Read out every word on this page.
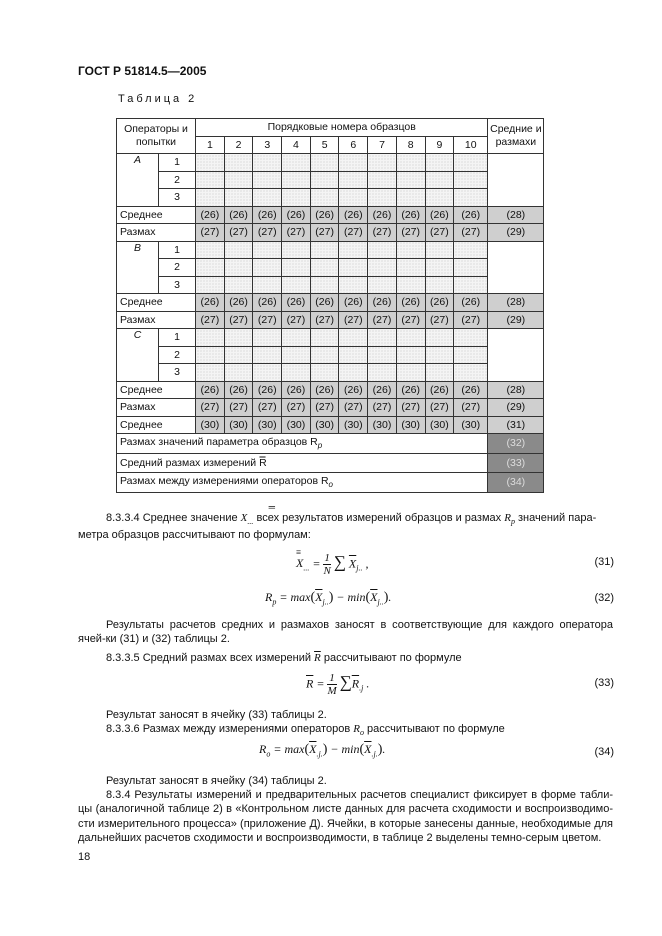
ГОСТ Р 51814.5—2005
Таблица 2
Операторы и попытки		Порядковые номера образцов										Средние и размахи
		1	2	3	4	5	6	7	8	9	10	
A	1											
	2											
	3											
Среднее		(26)	(26)	(26)	(26)	(26)	(26)	(26)	(26)	(26)	(26)	(28)
Размах		(27)	(27)	(27)	(27)	(27)	(27)	(27)	(27)	(27)	(27)	(29)
B	1											
	2											
	3											
Среднее		(26)	(26)	(26)	(26)	(26)	(26)	(26)	(26)	(26)	(26)	(28)
Размах		(27)	(27)	(27)	(27)	(27)	(27)	(27)	(27)	(27)	(27)	(29)
C	1											
	2											
	3											
Среднее		(26)	(26)	(26)	(26)	(26)	(26)	(26)	(26)	(26)	(26)	(28)
Размах		(27)	(27)	(27)	(27)	(27)	(27)	(27)	(27)	(27)	(27)	(29)
Среднее		(30)	(30)	(30)	(30)	(30)	(30)	(30)	(30)	(30)	(30)	(31)
Размах значений параметра образцов $R_p$												(32)
Средний размах измерений R̿												(33)
Размах между измерениями операторов $R_o$												(34)
8.3.3.4 Среднее значение
═
$X_{...}$ всех результатов измерений образцов и размах $R_p$ значений пара-
метра образцов рассчитывают по формулам:
X
≡
$_{...} = \frac{1}{N}$ ∑ $\overline{X}_{j..}$ ,	(31)
$R_p = \max(\overline{X}_{j..}) - \min(\overline{X}_{j..})$.	(32)
Результаты расчетов средних и размахов заносят в соответствующие для каждого оператора ячей-ки (31) и (32) таблицы 2.
8.3.3.5 Средний размах всех измерений $\overline{R}$ рассчитывают по формуле
$\overline{R} = \frac{1}{M} \sum\overline{R}_{.j}$ .	(33)
Результат заносят в ячейку (33) таблицы 2.
8.3.3.6 Размах между измерениями операторов $R_o$ рассчитывают по формуле
$R_o = \max(\overline{X}_{.j.}) - \min(\overline{X}_{.j.})$.	(34)
Результат заносят в ячейку (34) таблицы 2.
8.3.4 Результаты измерений и предварительных расчетов специалист фиксирует в форме табли-цы (аналогичной таблице 2) в «Контрольном листе данных для расчета сходимости и воспроизводимо-сти измерительного процесса» (приложение Д). Ячейки, в которые занесены данные, необходимые для дальнейших расчетов сходимости и воспроизводимости, в таблице 2 выделены темно-серым цветом.
18
